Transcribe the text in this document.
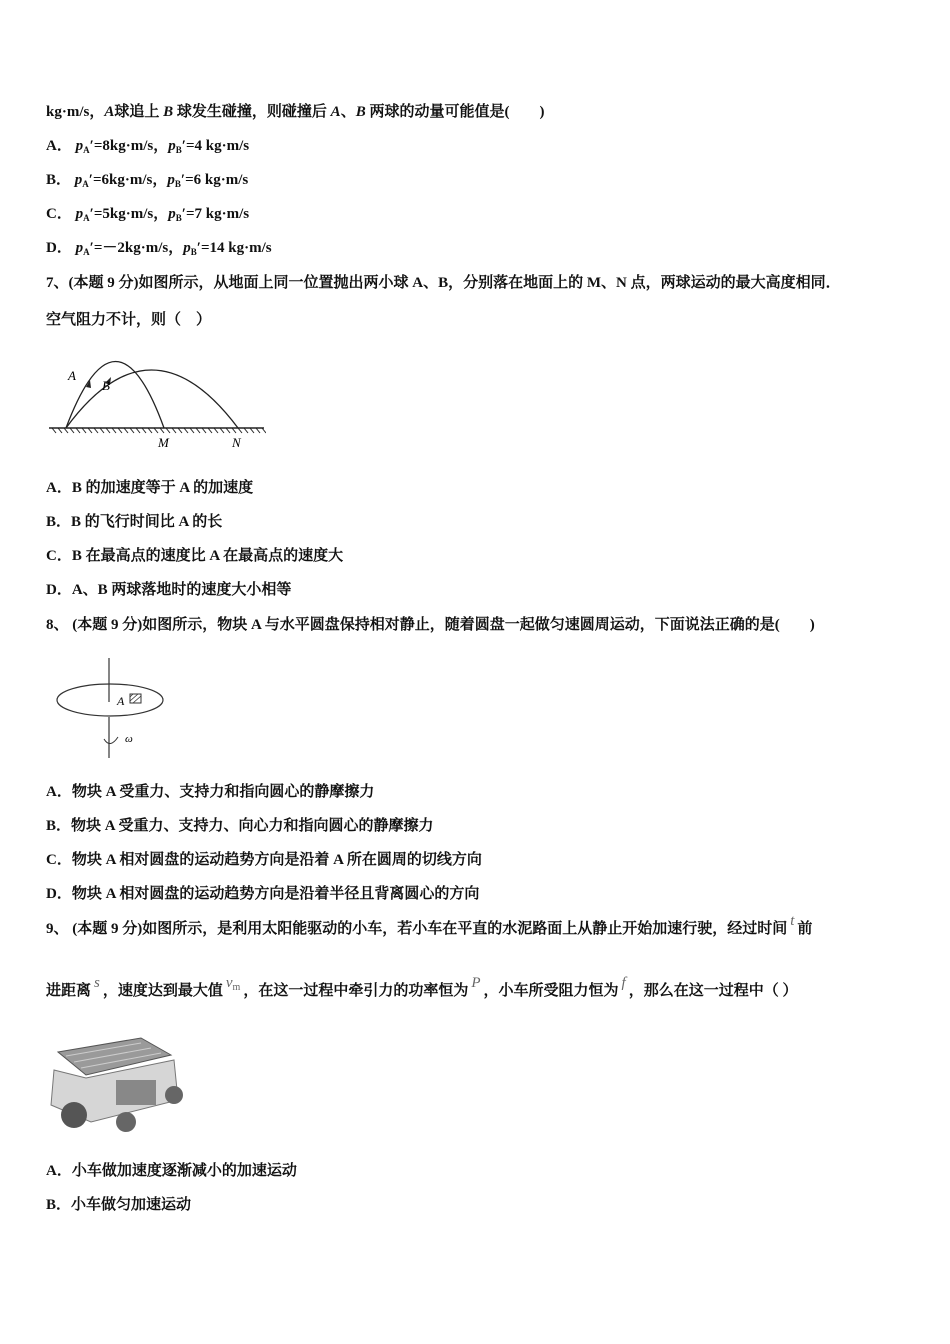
kg·m/s，A球追上 B 球发生碰撞，则碰撞后 A、B 两球的动量可能值是(　　)
A． $p_A'=8kg\cdot m/s$，$p_B'=4$ kg·m/s
B． $p_A'=6kg\cdot m/s$，$p_B'=6$ kg·m/s
C． $p_A'=5kg\cdot m/s$，$p_B'=7$ kg·m/s
D． $p_A'=-2kg\cdot m/s$，$p_B'=14$ kg·m/s
7、(本题 9 分)如图所示，从地面上同一位置抛出两小球 A、B，分别落在地面上的 M、N 点，两球运动的最大高度相同．
空气阻力不计，则（　）
A
B
M	N
A．B 的加速度等于 A 的加速度
B．B 的飞行时间比 A 的长
C．B 在最高点的速度比 A 在最高点的速度大
D．A、B 两球落地时的速度大小相等
8、 (本题 9 分)如图所示，物块 A 与水平圆盘保持相对静止，随着圆盘一起做匀速圆周运动，下面说法正确的是(　　)
A
ω
A．物块 A 受重力、支持力和指向圆心的静摩擦力
B．物块 A 受重力、支持力、向心力和指向圆心的静摩擦力
C．物块 A 相对圆盘的运动趋势方向是沿着 A 所在圆周的切线方向
D．物块 A 相对圆盘的运动趋势方向是沿着半径且背离圆心的方向
9、 (本题 9 分)如图所示，是利用太阳能驱动的小车，若小车在平直的水泥路面上从静止开始加速行驶，经过时间 t 前
进距离 s ，速度达到最大值 $v_m$ ，在这一过程中牵引力的功率恒为 P ，小车所受阻力恒为 f ，那么在这一过程中（ ）
A．小车做加速度逐渐减小的加速运动
B．小车做匀加速运动
